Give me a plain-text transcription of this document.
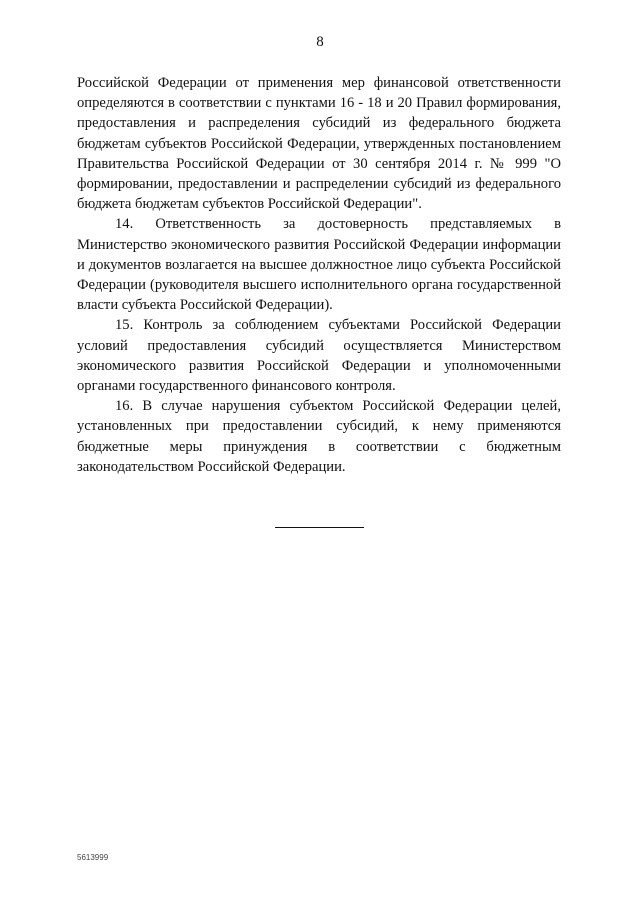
8

Российской Федерации от применения мер финансовой ответственности определяются в соответствии с пунктами 16 - 18 и 20 Правил формирования, предоставления и распределения субсидий из федерального бюджета бюджетам субъектов Российской Федерации, утвержденных постановлением Правительства Российской Федерации от 30 сентября 2014 г. № 999 "О формировании, предоставлении и распределении субсидий из федерального бюджета бюджетам субъектов Российской Федерации".

14. Ответственность за достоверность представляемых в Министерство экономического развития Российской Федерации информации и документов возлагается на высшее должностное лицо субъекта Российской Федерации (руководителя высшего исполнительного органа государственной власти субъекта Российской Федерации).

15. Контроль за соблюдением субъектами Российской Федерации условий предоставления субсидий осуществляется Министерством экономического развития Российской Федерации и уполномоченными органами государственного финансового контроля.

16. В случае нарушения субъектом Российской Федерации целей, установленных при предоставлении субсидий, к нему применяются бюджетные меры принуждения в соответствии с бюджетным законодательством Российской Федерации.

5613999
